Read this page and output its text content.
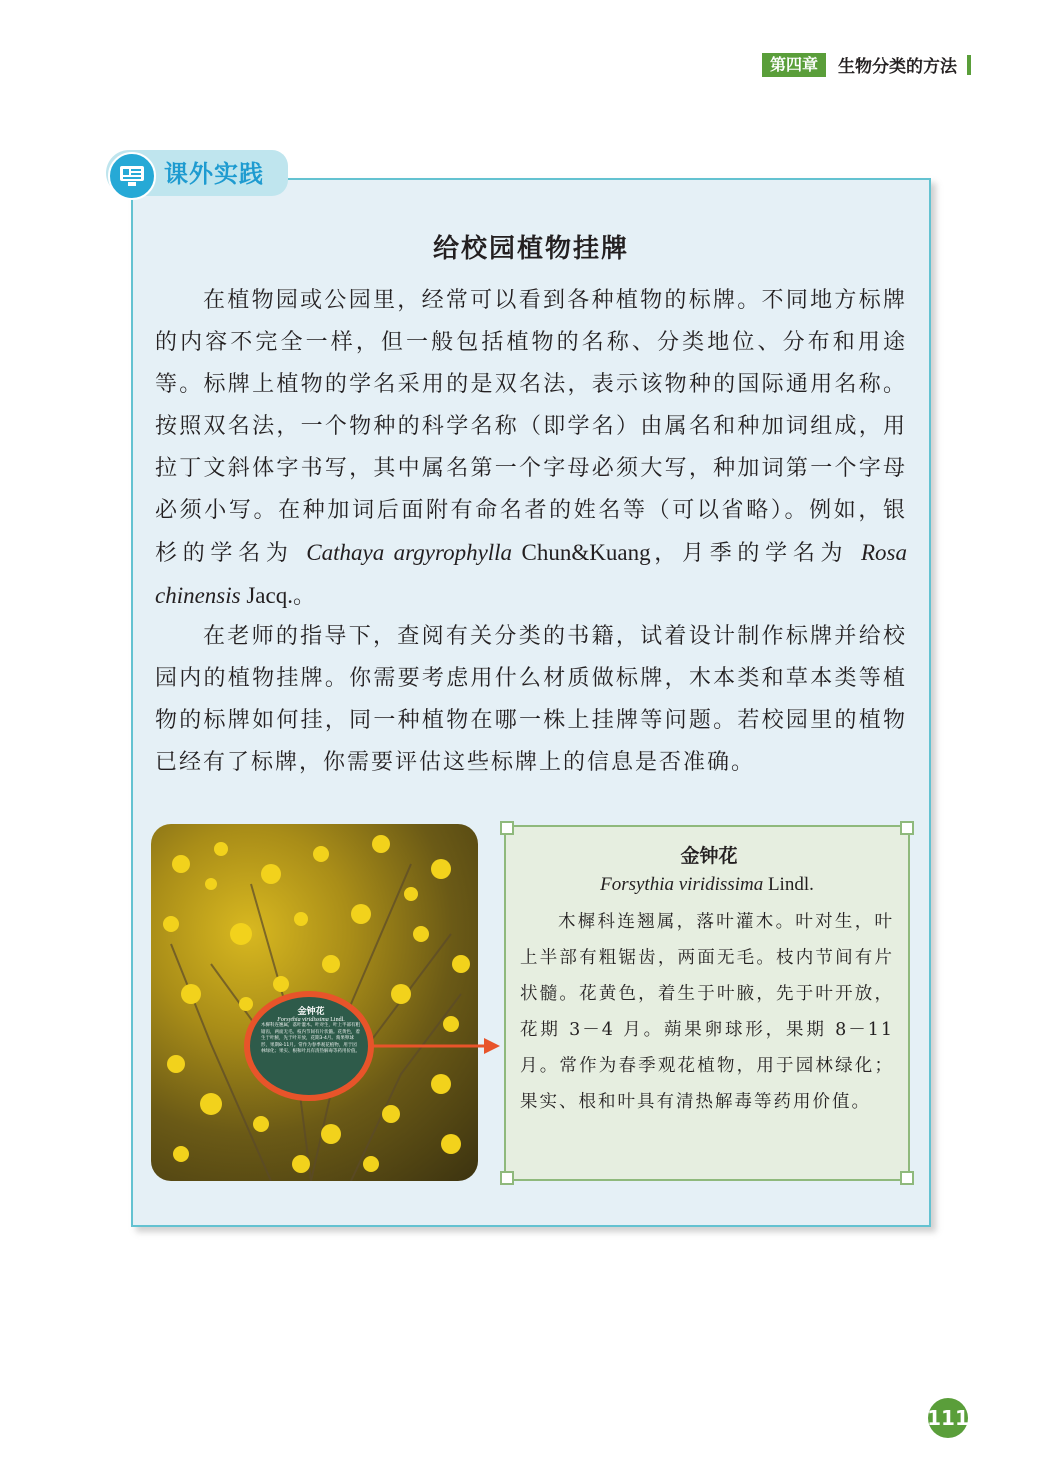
第四章	生物分类的方法
课外实践
给校园植物挂牌

在植物园或公园里，经常可以看到各种植物的标牌。不同地方标牌的内容不完全一样，但一般包括植物的名称、分类地位、分布和用途等。标牌上植物的学名采用的是双名法，表示该物种的国际通用名称。按照双名法，一个物种的科学名称（即学名）由属名和种加词组成，用拉丁文斜体字书写，其中属名第一个字母必须大写，种加词第一个字母必须小写。在种加词后面附有命名者的姓名等（可以省略）。例如，银杉的学名为 Cathaya argyrophylla Chun&Kuang，月季的学名为 Rosa chinensis Jacq.。

在老师的指导下，查阅有关分类的书籍，试着设计制作标牌并给校园内的植物挂牌。你需要考虑用什么材质做标牌，木本类和草本类等植物的标牌如何挂，同一种植物在哪一株上挂牌等问题。若校园里的植物已经有了标牌，你需要评估这些标牌上的信息是否准确。

金钟花
Forsythia viridissima Lindl.
木樨科连翘属，落叶灌木。叶对生，叶上半部有粗锯齿，两面无毛。枝内节间有片状髓。花黄色，着生于叶腋，先于叶开放，花期3-4月。蒴果卵球形，果期8-11月。常作为春季观花植物，用于园林绿化；果实、根和叶具有清热解毒等药用价值。
金钟花
Forsythia viridissima Lindl.

木樨科连翘属，落叶灌木。叶对生，叶上半部有粗锯齿，两面无毛。枝内节间有片状髓。花黄色，着生于叶腋，先于叶开放，花期 3－4 月。蒴果卵球形，果期 8－11 月。常作为春季观花植物，用于园林绿化；果实、根和叶具有清热解毒等药用价值。

111
